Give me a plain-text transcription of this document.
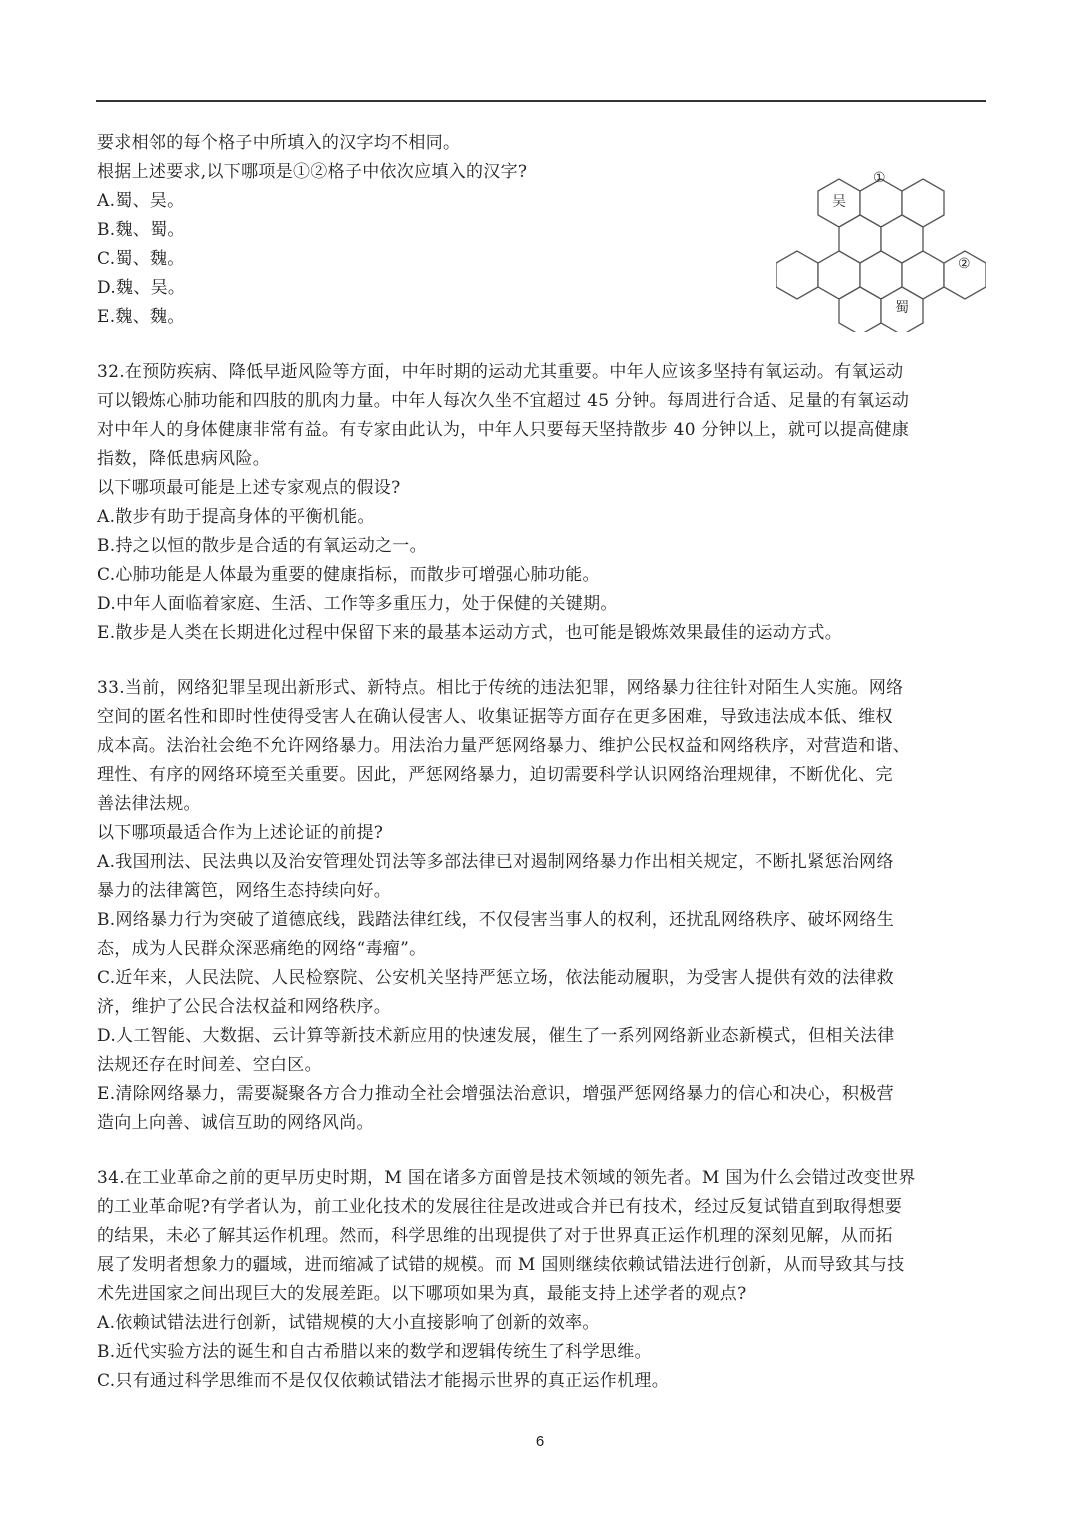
要求相邻的每个格子中所填入的汉字均不相同。
根据上述要求,以下哪项是①②格子中依次应填入的汉字?
A.蜀、吴。
B.魏、蜀。
C.蜀、魏。
D.魏、吴。
E.魏、魏。
吴
①
②
蜀
32.在预防疾病、降低早逝风险等方面，中年时期的运动尤其重要。中年人应该多坚持有氧运动。有氧运动
可以锻炼心肺功能和四肢的肌肉力量。中年人每次久坐不宜超过 45 分钟。每周进行合适、足量的有氧运动
对中年人的身体健康非常有益。有专家由此认为，中年人只要每天坚持散步 40 分钟以上，就可以提高健康
指数，降低患病风险。
以下哪项最可能是上述专家观点的假设?
A.散步有助于提高身体的平衡机能。
B.持之以恒的散步是合适的有氧运动之一。
C.心肺功能是人体最为重要的健康指标，而散步可增强心肺功能。
D.中年人面临着家庭、生活、工作等多重压力，处于保健的关键期。
E.散步是人类在长期进化过程中保留下来的最基本运动方式，也可能是锻炼效果最佳的运动方式。
33.当前，网络犯罪呈现出新形式、新特点。相比于传统的违法犯罪，网络暴力往往针对陌生人实施。网络
空间的匿名性和即时性使得受害人在确认侵害人、收集证据等方面存在更多困难，导致违法成本低、维权
成本高。法治社会绝不允许网络暴力。用法治力量严惩网络暴力、维护公民权益和网络秩序，对营造和谐、
理性、有序的网络环境至关重要。因此，严惩网络暴力，迫切需要科学认识网络治理规律，不断优化、完
善法律法规。
以下哪项最适合作为上述论证的前提?
A.我国刑法、民法典以及治安管理处罚法等多部法律已对遏制网络暴力作出相关规定，不断扎紧惩治网络
暴力的法律篱笆，网络生态持续向好。
B.网络暴力行为突破了道德底线，践踏法律红线，不仅侵害当事人的权利，还扰乱网络秩序、破坏网络生
态，成为人民群众深恶痛绝的网络“毒瘤”。
C.近年来，人民法院、人民检察院、公安机关坚持严惩立场，依法能动履职，为受害人提供有效的法律救
济，维护了公民合法权益和网络秩序。
D.人工智能、大数据、云计算等新技术新应用的快速发展，催生了一系列网络新业态新模式，但相关法律
法规还存在时间差、空白区。
E.清除网络暴力，需要凝聚各方合力推动全社会增强法治意识，增强严惩网络暴力的信心和决心，积极营
造向上向善、诚信互助的网络风尚。
34.在工业革命之前的更早历史时期，M 国在诸多方面曾是技术领域的领先者。M 国为什么会错过改变世界
的工业革命呢?有学者认为，前工业化技术的发展往往是改进或合并已有技术，经过反复试错直到取得想要
的结果，未必了解其运作机理。然而，科学思维的出现提供了对于世界真正运作机理的深刻见解，从而拓
展了发明者想象力的疆域，进而缩减了试错的规模。而 M 国则继续依赖试错法进行创新，从而导致其与技
术先进国家之间出现巨大的发展差距。以下哪项如果为真，最能支持上述学者的观点?
A.依赖试错法进行创新，试错规模的大小直接影响了创新的效率。
B.近代实验方法的诞生和自古希腊以来的数学和逻辑传统生了科学思维。
C.只有通过科学思维而不是仅仅依赖试错法才能揭示世界的真正运作机理。
6
